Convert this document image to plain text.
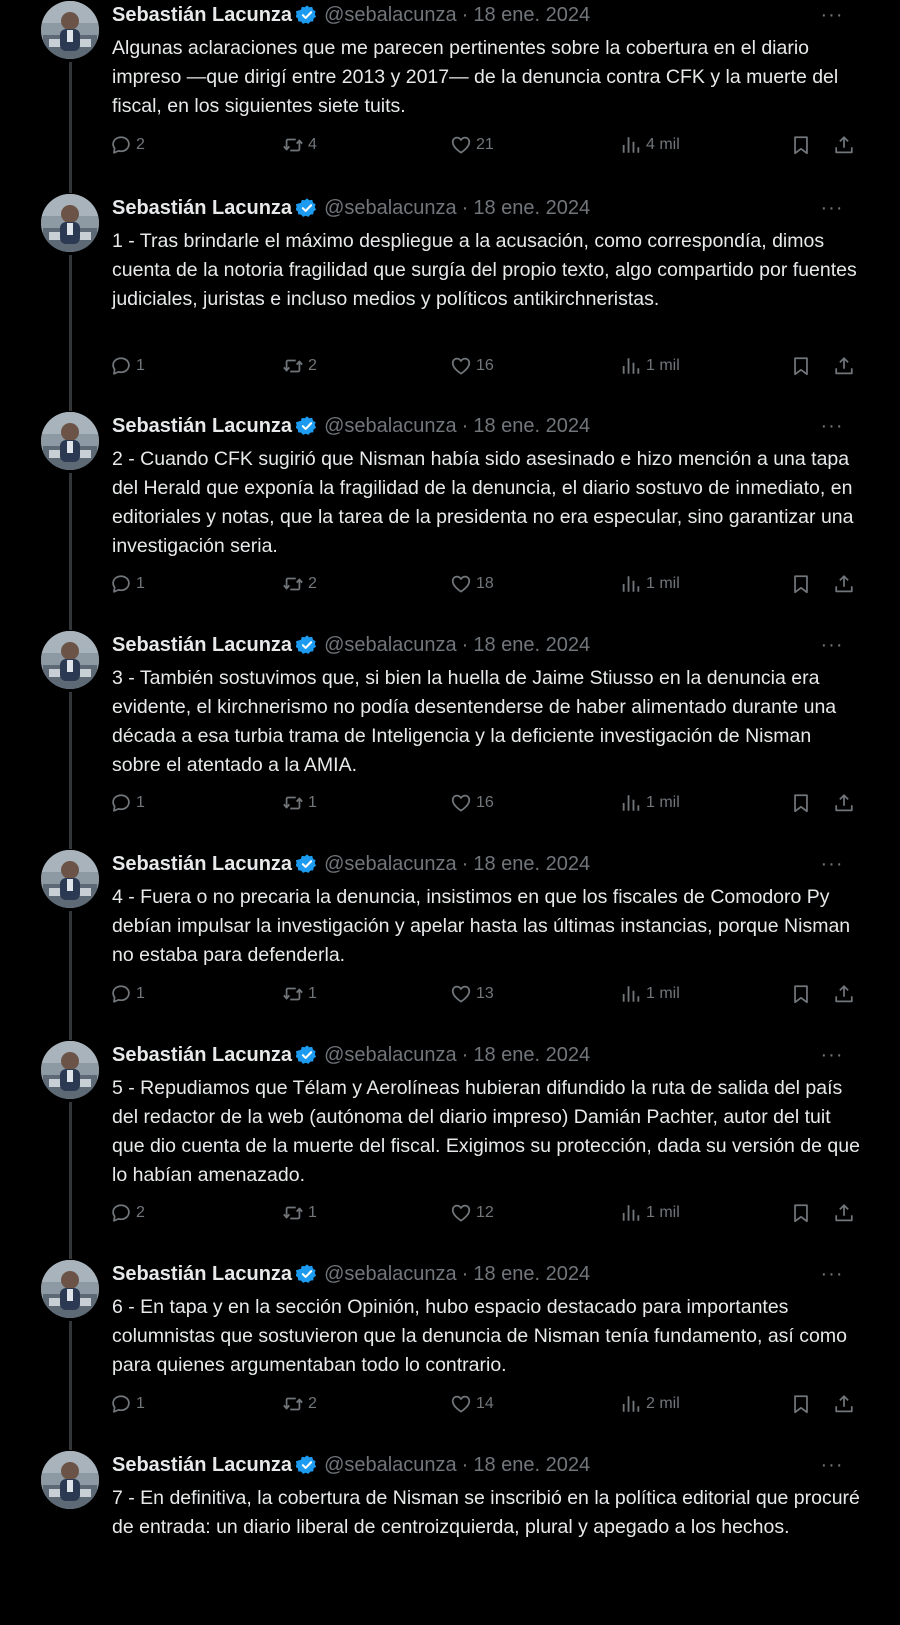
Sebastián Lacunza @sebalacunza · 18 ene. 2024	···

Algunas aclaraciones que me parecen pertinentes sobre la cobertura en el diario impreso —que dirigí entre 2013 y 2017— de la denuncia contra CFK y la muerte del fiscal, en los siguientes siete tuits.

2	4	21	4 mil
Sebastián Lacunza @sebalacunza · 18 ene. 2024	···

1 - Tras brindarle el máximo despliegue a la acusación, como correspondía, dimos cuenta de la notoria fragilidad que surgía del propio texto, algo compartido por fuentes judiciales, juristas e incluso medios y políticos antikirchneristas.

1	2	16	1 mil
Sebastián Lacunza @sebalacunza · 18 ene. 2024	···

2 - Cuando CFK sugirió que Nisman había sido asesinado e hizo mención a una tapa del Herald que exponía la fragilidad de la denuncia, el diario sostuvo de inmediato, en editoriales y notas, que la tarea de la presidenta no era especular, sino garantizar una investigación seria.

1	2	18	1 mil
Sebastián Lacunza @sebalacunza · 18 ene. 2024	···

3 - También sostuvimos que, si bien la huella de Jaime Stiusso en la denuncia era evidente, el kirchnerismo no podía desentenderse de haber alimentado durante una década a esa turbia trama de Inteligencia y la deficiente investigación de Nisman sobre el atentado a la AMIA.

1	1	16	1 mil
Sebastián Lacunza @sebalacunza · 18 ene. 2024	···

4 - Fuera o no precaria la denuncia, insistimos en que los fiscales de Comodoro Py debían impulsar la investigación y apelar hasta las últimas instancias, porque Nisman no estaba para defenderla.

1	1	13	1 mil
Sebastián Lacunza @sebalacunza · 18 ene. 2024	···

5 - Repudiamos que Télam y Aerolíneas hubieran difundido la ruta de salida del país del redactor de la web (autónoma del diario impreso) Damián Pachter, autor del tuit que dio cuenta de la muerte del fiscal. Exigimos su protección, dada su versión de que lo habían amenazado.

2	1	12	1 mil
Sebastián Lacunza @sebalacunza · 18 ene. 2024	···

6 - En tapa y en la sección Opinión, hubo espacio destacado para importantes columnistas que sostuvieron que la denuncia de Nisman tenía fundamento, así como para quienes argumentaban todo lo contrario.

1	2	14	2 mil
Sebastián Lacunza @sebalacunza · 18 ene. 2024	···

7 - En definitiva, la cobertura de Nisman se inscribió en la política editorial que procuré de entrada: un diario liberal de centroizquierda, plural y apegado a los hechos.
